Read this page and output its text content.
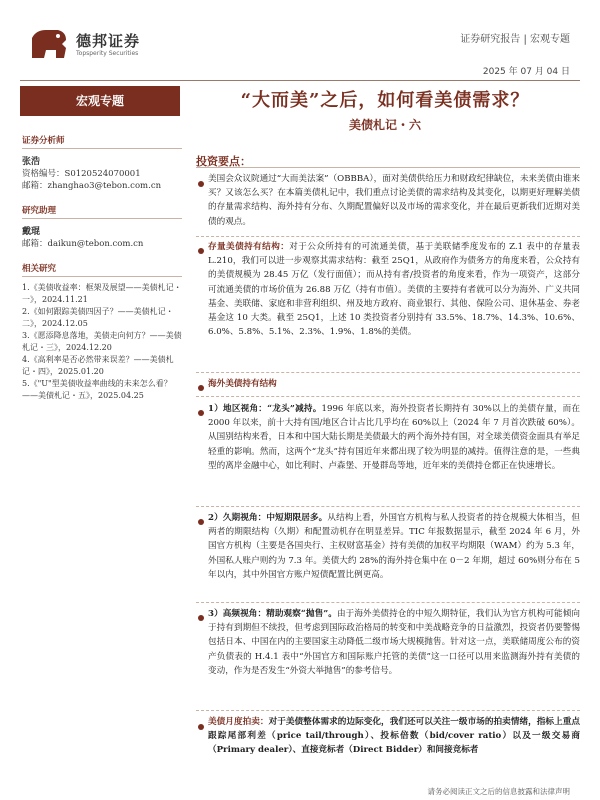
德邦证券
Topsperity Securities
证券研究报告 | 宏观专题
2025 年 07 月 04 日
宏观专题	“大而美”之后，如何看美债需求？
美债札记・六
证券分析师
张浩
资格编号：S0120524070001
邮箱：zhanghao3@tebon.com.cn
研究助理
戴琨
邮箱：daikun@tebon.com.cn
相关研究
1.《美债收益率：框架及展望——美债札记・一》，2024.11.21
2.《如何跟踪美债四因子？——美债札记・二》，2024.12.05
3.《愿添降息落地，美债走向何方？——美债札记・三》，2024.12.20
4.《高利率是否必然带来误差？——美债札记・四》，2025.01.20
5.《"U"型美债收益率曲线的未来怎么看？——美债札记・五》，2025.04.25
投资要点：
美国会众议院通过“大而美法案”（OBBBA），面对美债供给压力和财政纪律缺位，未来美债由谁来买？又该怎么买？在本篇美债札记中，我们重点讨论美债的需求结构及其变化，以期更好理解美债的存量需求结构、海外持有分布、久期配置偏好以及市场的需求变化，并在最后更新我们近期对美债的观点。
存量美债持有结构：对于公众所持有的可流通美债，基于美联储季度发布的 Z.1 表中的存量表 L.210，我们可以进一步观察其需求结构：截至 25Q1，从政府作为债务方的角度来看，公众持有的美债规模为 28.45 万亿（发行面值）；而从持有者/投资者的角度来看，作为一项资产，这部分可流通美债的市场价值为 26.88 万亿（持有市值）。美债的主要持有者就可以分为海外、广义共同基金、美联储、家庭和非营利组织、州及地方政府、商业银行、其他、保险公司、退休基金、券老基金这 10 大类。截至 25Q1，上述 10 类投资者分别持有 33.5%、18.7%、14.3%、10.6%、6.0%、5.8%、5.1%、2.3%、1.9%、1.8%的美债。
海外美债持有结构
1）地区视角：“龙头”减持。1996 年底以来，海外投资者长期持有 30%以上的美债存量，而在 2000 年以来，前十大持有国/地区合计占比几乎均在 60%以上（2024 年 7 月首次跌破 60%）。从国别结构来看，日本和中国大陆长期是美债最大的两个海外持有国，对全球美债资金面具有举足轻重的影响。然而，这两个“龙头”持有国近年来都出现了较为明显的减持。值得注意的是，一些典型的离岸金融中心，如比利时、卢森堡、开曼群岛等地，近年来的美债持仓都正在快速增长。
2）久期视角：中短期限居多。从结构上看，外国官方机构与私人投资者的持仓规模大体相当，但两者的期限结构（久期）和配置动机存在明显差异。TIC 年报数据显示，截至 2024 年 6 月，外国官方机构（主要是各国央行、主权财富基金）持有美债的加权平均期限（WAM）约为 5.3 年，外国私人账户则约为 7.3 年。美债大约 28%的海外持仓集中在 0－2 年期，超过 60%则分布在 5 年以内，其中外国官方账户短债配置比例更高。
3）高频视角：精助观察“抛售”。由于海外美债持仓的中短久期特征，我们认为官方机构可能倾向于持有到期但不续投，但考虑到国际政治格局的转变和中美战略竞争的日益激烈，投资者仍要警惕包括日本、中国在内的主要国家主动降低二级市场大规模抛售。针对这一点，美联储周度公布的资产负债表的 H.4.1 表中“外国官方和国际账户托管的美债”这一口径可以用来监测海外持有美债的变动，作为是否发生“外资大举抛售”的参考信号。
美债月度拍卖：对于美债整体需求的边际变化，我们还可以关注一级市场的拍卖情绪，指标上重点跟踪尾部利差（price tail/through）、投标倍数（bid/cover ratio）以及一级交易商（Primary dealer）、直接竞标者（Direct Bidder）和间接竞标者
请务必阅读正文之后的信息披露和法律声明
